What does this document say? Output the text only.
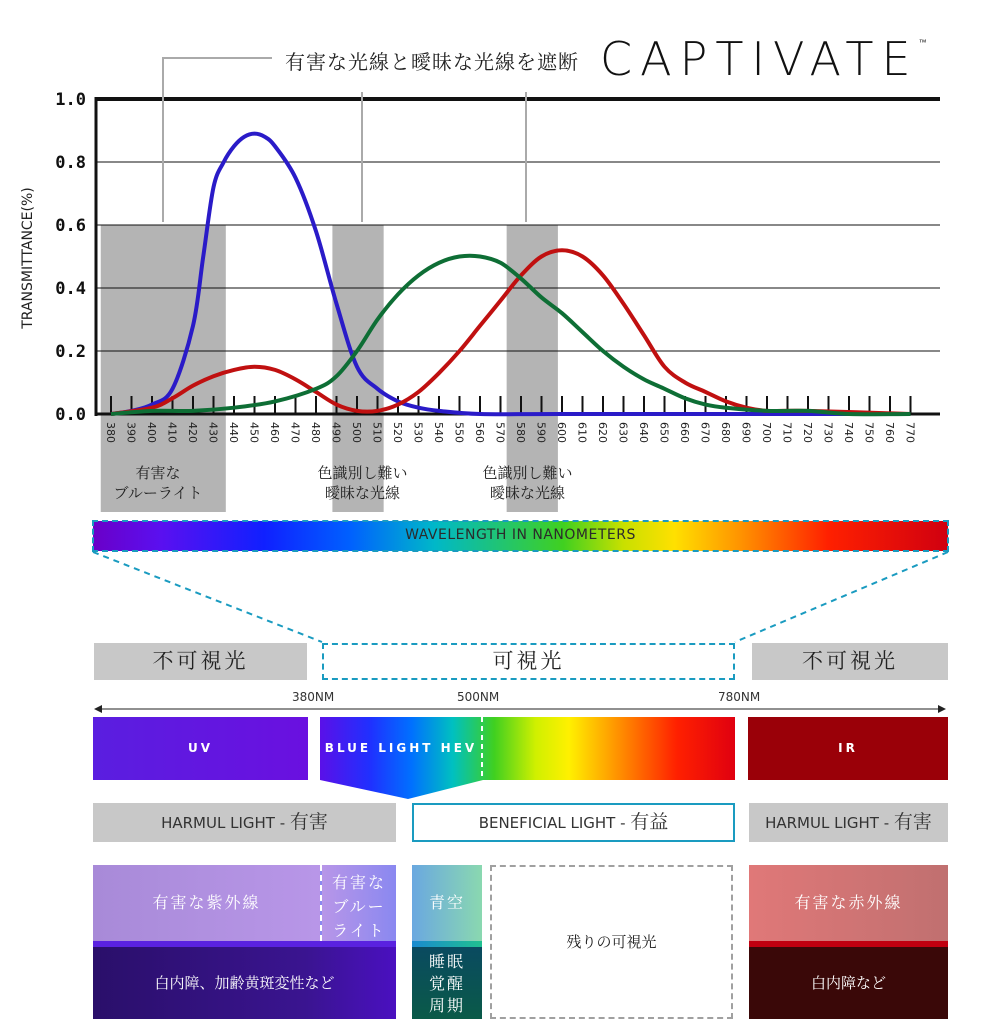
有害な光線と曖昧な光線を遮断 CAPTIVATE™
0.0
0.2
0.4
0.6
0.8
1.0
380 390 400 410 420 430 440 450 460 470 480 490 500 510 520 530 540 550 560 570 580 590 600 610 620 630 640 650 660 670 680 690 700 710 720 730 740 750 760 770
TRANSMITTANCE(%)
有害な
ブルーライト
色識別し難い
曖昧な光線
色識別し難い
曖昧な光線
WAVELENGTH IN NANOMETERS
不可視光	可視光	不可視光
380NM	500NM	780NM
UV	BLUE LIGHT HEV	IR
HARMUL LIGHT - 有害	BENEFICIAL LIGHT - 有益	HARMUL LIGHT - 有害
有害な紫外線
有害な
ブルー
ライト
白内障、加齢黄斑変性など
青空
睡眠
覚醒
周期
残りの可視光
有害な赤外線
白内障など
